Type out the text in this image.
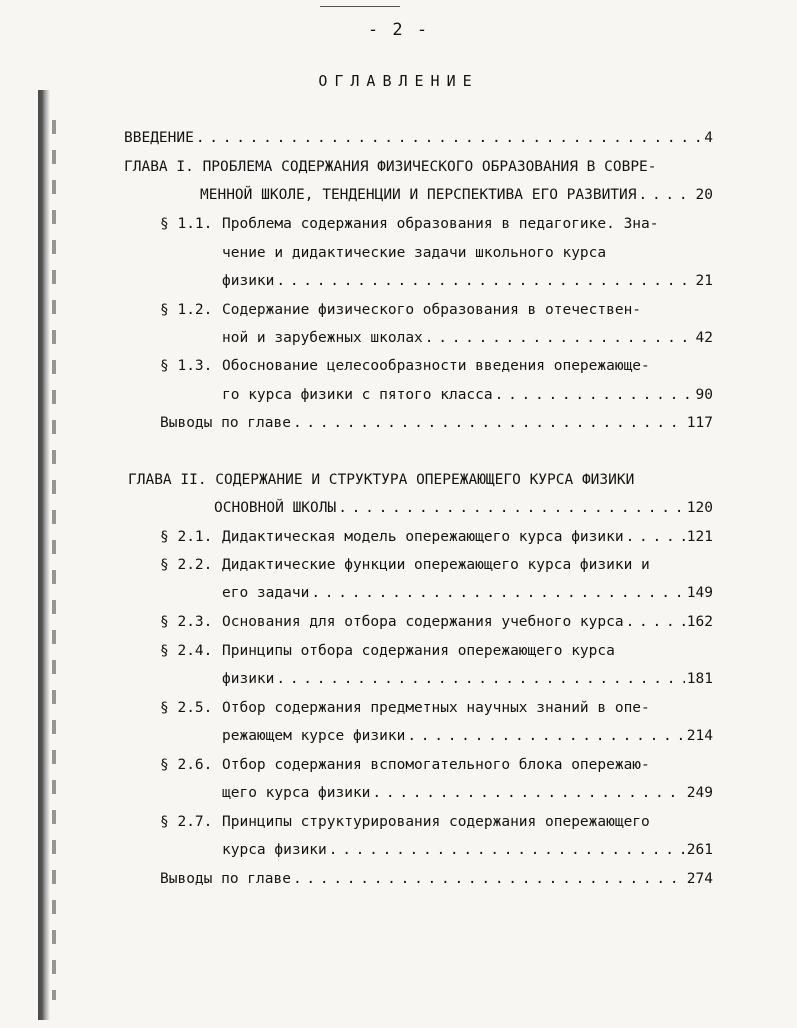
- 2 -
ОГЛАВЛЕНИЕ
ВВЕДЕНИЕ . . .	4
ГЛАВА I. ПРОБЛЕМА СОДЕРЖАНИЯ ФИЗИЧЕСКОГО ОБРАЗОВАНИЯ В СОВРЕ-
МЕННОЙ ШКОЛЕ, ТЕНДЕНЦИИ И ПЕРСПЕКТИВА ЕГО РАЗВИТИЯ . . .	20
§ 1.1. Проблема содержания образования в педагогике. Зна-
чение и дидактические задачи школьного курса
физики . . .	21
§ 1.2. Содержание физического образования в отечествен-
ной и зарубежных школах . . .	42
§ 1.3. Обоснование целесообразности введения опережающе-
го курса физики с пятого класса . . .	90
Выводы по главе . . .	117
ГЛАВА II. СОДЕРЖАНИЕ И СТРУКТУРА ОПЕРЕЖАЮЩЕГО КУРСА ФИЗИКИ
ОСНОВНОЙ ШКОЛЫ . . .	120
§ 2.1. Дидактическая модель опережающего курса физики . . .	121
§ 2.2. Дидактические функции опережающего курса физики и
его задачи . . .	149
§ 2.3. Основания для отбора содержания учебного курса . . .	162
§ 2.4. Принципы отбора содержания опережающего курса
физики . . .	181
§ 2.5. Отбор содержания предметных научных знаний в опе-
режающем курсе физики . . .	214
§ 2.6. Отбор содержания вспомогательного блока опережаю-
щего курса физики . . .	249
§ 2.7. Принципы структурирования содержания опережающего
курса физики . . .	261
Выводы по главе . . .	274
